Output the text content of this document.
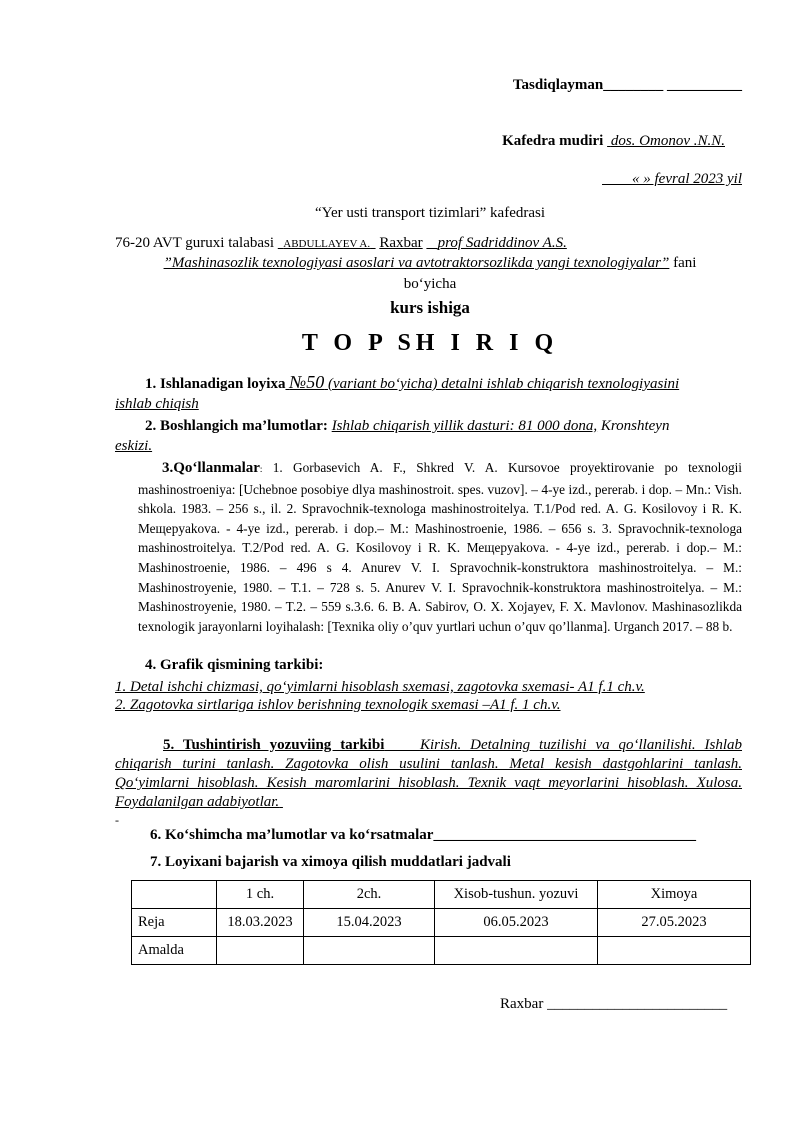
Tasdiqlayman________ __________
Kafedra mudiri dos. Omonov .N.N.
« » fevral 2023 yil
“Yer usti transport tizimlari” kafedrasi
76-20 AVT guruxi talabasi ABDULLAYEV A. Raxbar prof Sadriddinov A.S.
”Mashinasozlik texnologiyasi asoslari va avtotraktorsozlikda yangi texnologiyalar” fani
bo‘yicha
kurs ishiga
T O P SH I R I Q
1. Ishlanadigan loyixa №50 (variant bo‘yicha) detalni ishlab chiqarish texnologiyasini
ishlab chiqish
2. Boshlangich ma’lumotlar: Ishlab chiqarish yillik dasturi: 81 000 dona, Kronshteyn
eskizi.
3.Qo‘llanmalar: 1. Gorbasevich A. F., Shkred V. A. Kursovoe proyektirovanie po texnologii mashinostroeniya: [Uchebnoe posobiye dlya mashinostroit. spes. vuzov]. – 4-ye izd., pererab. i dop. – Mn.: Vish. shkola. 1983. – 256 s., il. 2. Spravochnik-texnologa mashinostroitelya. T.1/Pod red. A. G. Kosilovoy i R. K. Мещерyakova. - 4-ye izd., pererab. i dop.– M.: Mashinostroenie, 1986. – 656 s. 3. Spravochnik-texnologa mashinostroitelya. T.2/Pod red. A. G. Kosilovoy i R. K. Мещерyakova. - 4-ye izd., pererab. i dop.– M.: Mashinostroenie, 1986. – 496 s 4. Anurev V. I. Spravochnik-konstruktora mashinostroitelya. – M.: Mashinostroyenie, 1980. – T.1. – 728 s. 5. Anurev V. I. Spravochnik-konstruktora mashinostroitelya. – M.: Mashinostroyenie, 1980. – T.2. – 559 s.3.6. 6. B. A. Sabirov, O. X. Xojayev, F. X. Mavlonov. Mashinasozlikda texnologik jarayonlarni loyihalash: [Texnika oliy o’quv yurtlari uchun o’quv qo’llanma]. Urganch 2017. – 88 b.
4. Grafik qismining tarkibi:
1. Detal ishchi chizmasi, qo‘yimlarni hisoblash sxemasi, zagotovka sxemasi- A1 f.1 ch.v.
2. Zagotovka sirtlariga ishlov berishning texnologik sxemasi –A1 f. 1 ch.v.
5. Tushintirish yozuviing tarkibi Kirish. Detalning tuzilishi va qo‘llanilishi. Ishlab
chiqarish turini tanlash. Zagotovka olish usulini tanlash. Metal kesish dastgohlarini tanlash.
Qo‘yimlarni hisoblash. Kesish maromlarini hisoblash. Texnik vaqt meyorlarini hisoblash. Xulosa.
Foydalanilgan adabiyotlar.
-
6. Ko‘shimcha ma’lumotlar va ko‘rsatmalar___________________________________
7. Loyixani bajarish va ximoya qilish muddatlari jadvali
	1 ch.	2ch.	Xisob-tushun. yozuvi	Ximoya
Reja	18.03.2023	15.04.2023	06.05.2023	27.05.2023
Amalda				
Raxbar ________________________
